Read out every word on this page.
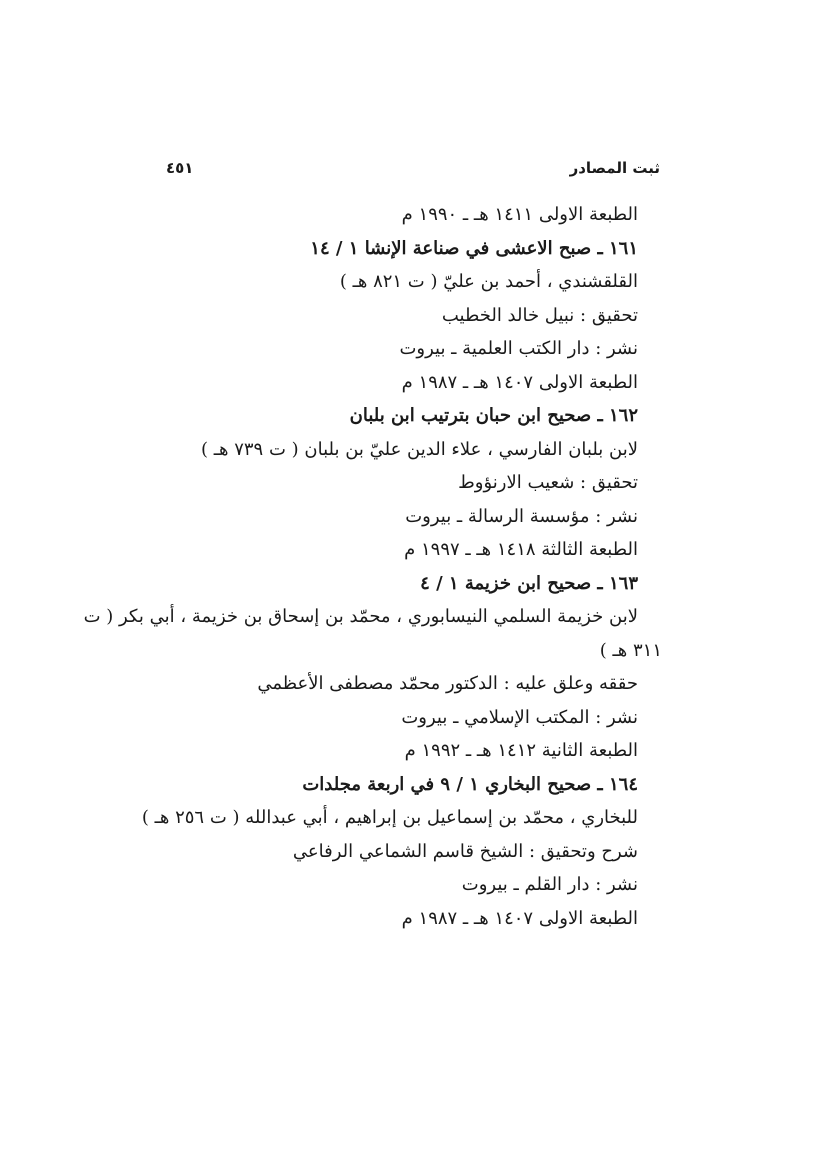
ثبت المصادر
٤٥١
الطبعة الاولى ١٤١١ هـ ـ ١٩٩٠ م
١٦١ ـ صبح الاعشى في صناعة الإنشا ١ / ١٤
القلقشندي ، أحمد بن عليّ ( ت ٨٢١ هـ )
تحقيق : نبيل خالد الخطيب
نشر : دار الكتب العلمية ـ بيروت
الطبعة الاولى ١٤٠٧ هـ ـ ١٩٨٧ م
١٦٢ ـ صحيح ابن حبان بترتيب ابن بلبان
لابن بلبان الفارسي ، علاء الدين عليّ بن بلبان ( ت ٧٣٩ هـ )
تحقيق : شعيب الارنؤوط
نشر : مؤسسة الرسالة ـ بيروت
الطبعة الثالثة ١٤١٨ هـ ـ ١٩٩٧ م
١٦٣ ـ صحيح ابن خزيمة ١ / ٤
لابن خزيمة السلمي النيسابوري ، محمّد بن إسحاق بن خزيمة ، أبي بكر ( ت
٣١١ هـ )
حققه وعلق عليه : الدكتور محمّد مصطفى الأعظمي
نشر : المكتب الإسلامي ـ بيروت
الطبعة الثانية ١٤١٢ هـ ـ ١٩٩٢ م
١٦٤ ـ صحيح البخاري ١ / ٩ في اربعة مجلدات
للبخاري ، محمّد بن إسماعيل بن إبراهيم ، أبي عبدالله ( ت ٢٥٦ هـ )
شرح وتحقيق : الشيخ قاسم الشماعي الرفاعي
نشر : دار القلم ـ بيروت
الطبعة الاولى ١٤٠٧ هـ ـ ١٩٨٧ م
